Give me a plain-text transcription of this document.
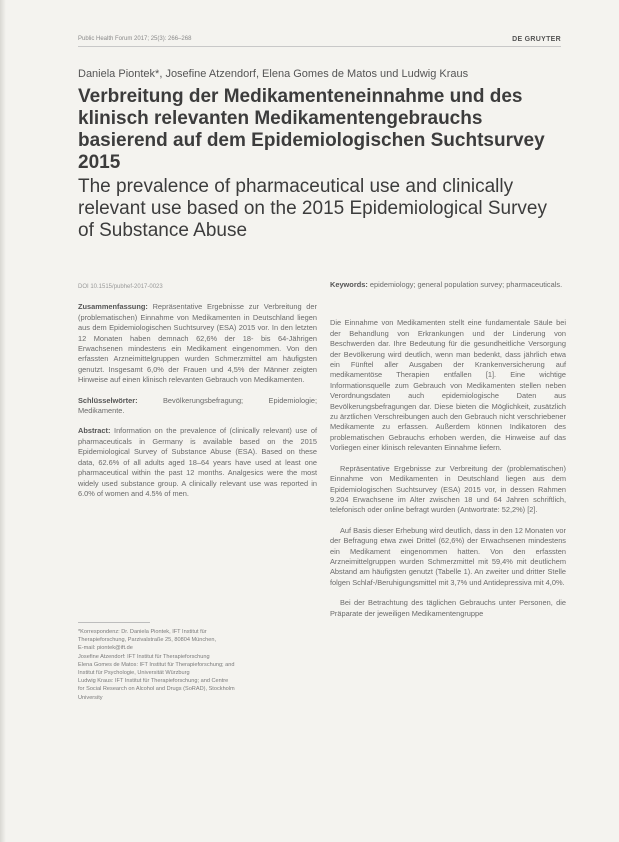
Public Health Forum 2017; 25(3): 266–268	DE GRUYTER
Daniela Piontek*, Josefine Atzendorf, Elena Gomes de Matos und Ludwig Kraus
Verbreitung der Medikamenteneinnahme und des klinisch relevanten Medikamentengebrauchs basierend auf dem Epidemiologischen Suchtsurvey 2015
The prevalence of pharmaceutical use and clinically relevant use based on the 2015 Epidemiological Survey of Substance Abuse
DOI 10.1515/pubhef-2017-0023

Zusammenfassung: Repräsentative Ergebnisse zur Verbreitung der (problematischen) Einnahme von Medikamenten in Deutschland liegen aus dem Epidemiologischen Suchtsurvey (ESA) 2015 vor. In den letzten 12 Monaten haben demnach 62,6% der 18- bis 64-Jährigen Erwachsenen mindestens ein Medikament eingenommen. Von den erfassten Arzneimittelgruppen wurden Schmerzmittel am häufigsten genutzt. Insgesamt 6,0% der Frauen und 4,5% der Männer zeigten Hinweise auf einen klinisch relevanten Gebrauch von Medikamenten.

Schlüsselwörter:	Bevölkerungsbefragung; Epidemiologie; Medikamente.

Abstract: Information on the prevalence of (clinically relevant) use of pharmaceuticals in Germany is available based on the 2015 Epidemiological Survey of Substance Abuse (ESA). Based on these data, 62.6% of all adults aged 18–64 years have used at least one pharmaceutical within the past 12 months. Analgesics were the most widely used substance group. A clinically relevant use was reported in 6.0% of women and 4.5% of men.

*Korrespondenz: Dr. Daniela Piontek, IFT Institut für

Therapieforschung, Parzivalstraße 25, 80804 München,

E-mail: piontek@ift.de

Josefine Atzendorf: IFT Institut für Therapieforschung

Elena Gomes de Matos: IFT Institut für Therapieforschung; and

Institut für Psychologie, Universität Würzburg

Ludwig Kraus: IFT Institut für Therapieforschung; and Centre

for Social Research on Alcohol and Drugs (SoRAD), Stockholm

University

Keywords: epidemiology; general population survey; pharmaceuticals.

Die Einnahme von Medikamenten stellt eine fundamentale Säule bei der Behandlung von Erkrankungen und der Linderung von Beschwerden dar. Ihre Bedeutung für die gesundheitliche Versorgung der Bevölkerung wird deutlich, wenn man bedenkt, dass jährlich etwa ein Fünftel aller Ausgaben der Krankenversicherung auf medikamentöse Therapien entfallen [1]. Eine wichtige Informationsquelle zum Gebrauch von Medikamenten stellen neben Verordnungsdaten auch epidemiologische Daten aus Bevölkerungsbefragungen dar. Diese bieten die Möglichkeit, zusätzlich zu ärztlichen Verschreibungen auch den Gebrauch nicht verschriebener Medikamente zu erfassen. Außerdem können Indikatoren des problematischen Gebrauchs erhoben werden, die Hinweise auf das Vorliegen einer klinisch relevanten Einnahme liefern.

Repräsentative Ergebnisse zur Verbreitung der (problematischen) Einnahme von Medikamenten in Deutschland liegen aus dem Epidemiologischen Suchtsurvey (ESA) 2015 vor, in dessen Rahmen 9.204 Erwachsene im Alter zwischen 18 und 64 Jahren schriftlich, telefonisch oder online befragt wurden (Antwortrate: 52,2%) [2].

Auf Basis dieser Erhebung wird deutlich, dass in den 12 Monaten vor der Befragung etwa zwei Drittel (62,6%) der Erwachsenen mindestens ein Medikament eingenommen hatten. Von den erfassten Arzneimittelgruppen wurden Schmerzmittel mit 59,4% mit deutlichem Abstand am häufigsten genutzt (Tabelle 1). An zweiter und dritter Stelle folgen Schlaf-/Beruhigungsmittel mit 3,7% und Antidepressiva mit 4,0%.

Bei der Betrachtung des täglichen Gebrauchs unter Personen, die Präparate der jeweiligen Medikamentengruppe
